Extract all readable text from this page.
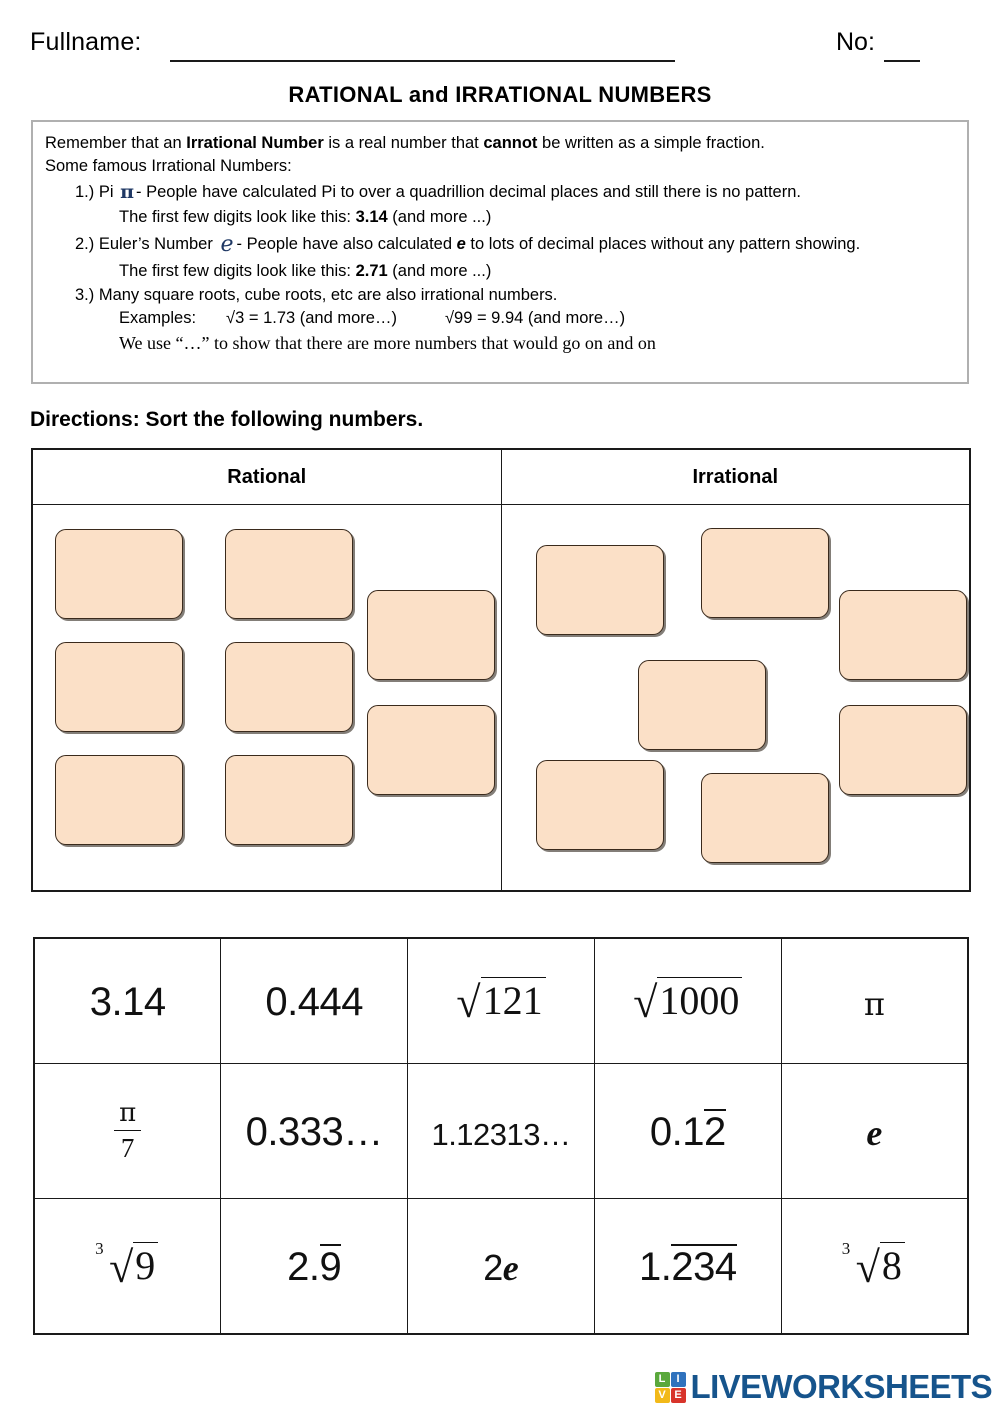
Fullname:	No:
RATIONAL and IRRATIONAL NUMBERS
Remember that an Irrational Number is a real number that cannot be written as a simple fraction.
Some famous Irrational Numbers:
1.) Pi π - People have calculated Pi to over a quadrillion decimal places and still there is no pattern.
The first few digits look like this: 3.14 (and more ...)
2.) Euler’s Number e - People have also calculated e to lots of decimal places without any pattern showing.
The first few digits look like this: 2.71 (and more ...)
3.) Many square roots, cube roots, etc are also irrational numbers.
Examples: √3 = 1.73 (and more…)	√99 = 9.94 (and more…)
We use “…” to show that there are more numbers that would go on and on
Directions: Sort the following numbers.
Rational	Irrational
3.14	0.444	√121	√1000	π

$\frac{\pi}{7}$	0.333…	1.12313…	0.12	e

3 √9	2.9	2e	1.234	3 √8
L	I
V E LIVEWORKSHEETS
